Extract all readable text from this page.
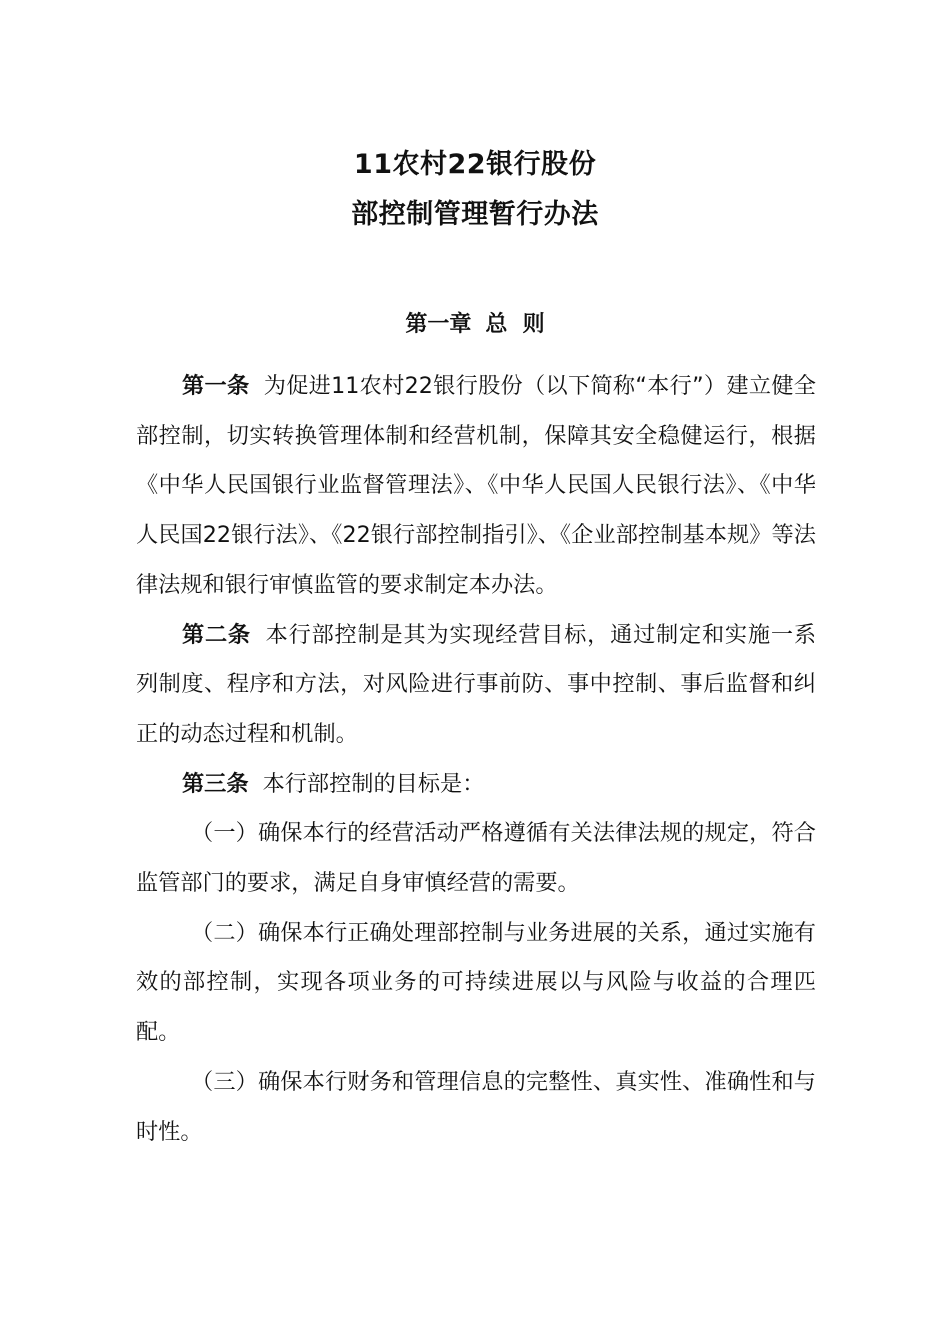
11农村22银行股份
部控制管理暂行办法
第一章 总  则

第一条 为促进11农村22银行股份（以下简称“本行”）建立健全部控制，切实转换管理体制和经营机制，保障其安全稳健运行，根据《中华人民国银行业监督管理法》、《中华人民国人民银行法》、《中华人民国22银行法》、《22银行部控制指引》、《企业部控制基本规》等法律法规和银行审慎监管的要求制定本办法。

第二条 本行部控制是其为实现经营目标，通过制定和实施一系列制度、程序和方法，对风险进行事前防、事中控制、事后监督和纠正的动态过程和机制。

第三条 本行部控制的目标是：

（一）确保本行的经营活动严格遵循有关法律法规的规定，符合监管部门的要求，满足自身审慎经营的需要。

（二）确保本行正确处理部控制与业务进展的关系，通过实施有效的部控制，实现各项业务的可持续进展以与风险与收益的合理匹配。

（三）确保本行财务和管理信息的完整性、真实性、准确性和与时性。
